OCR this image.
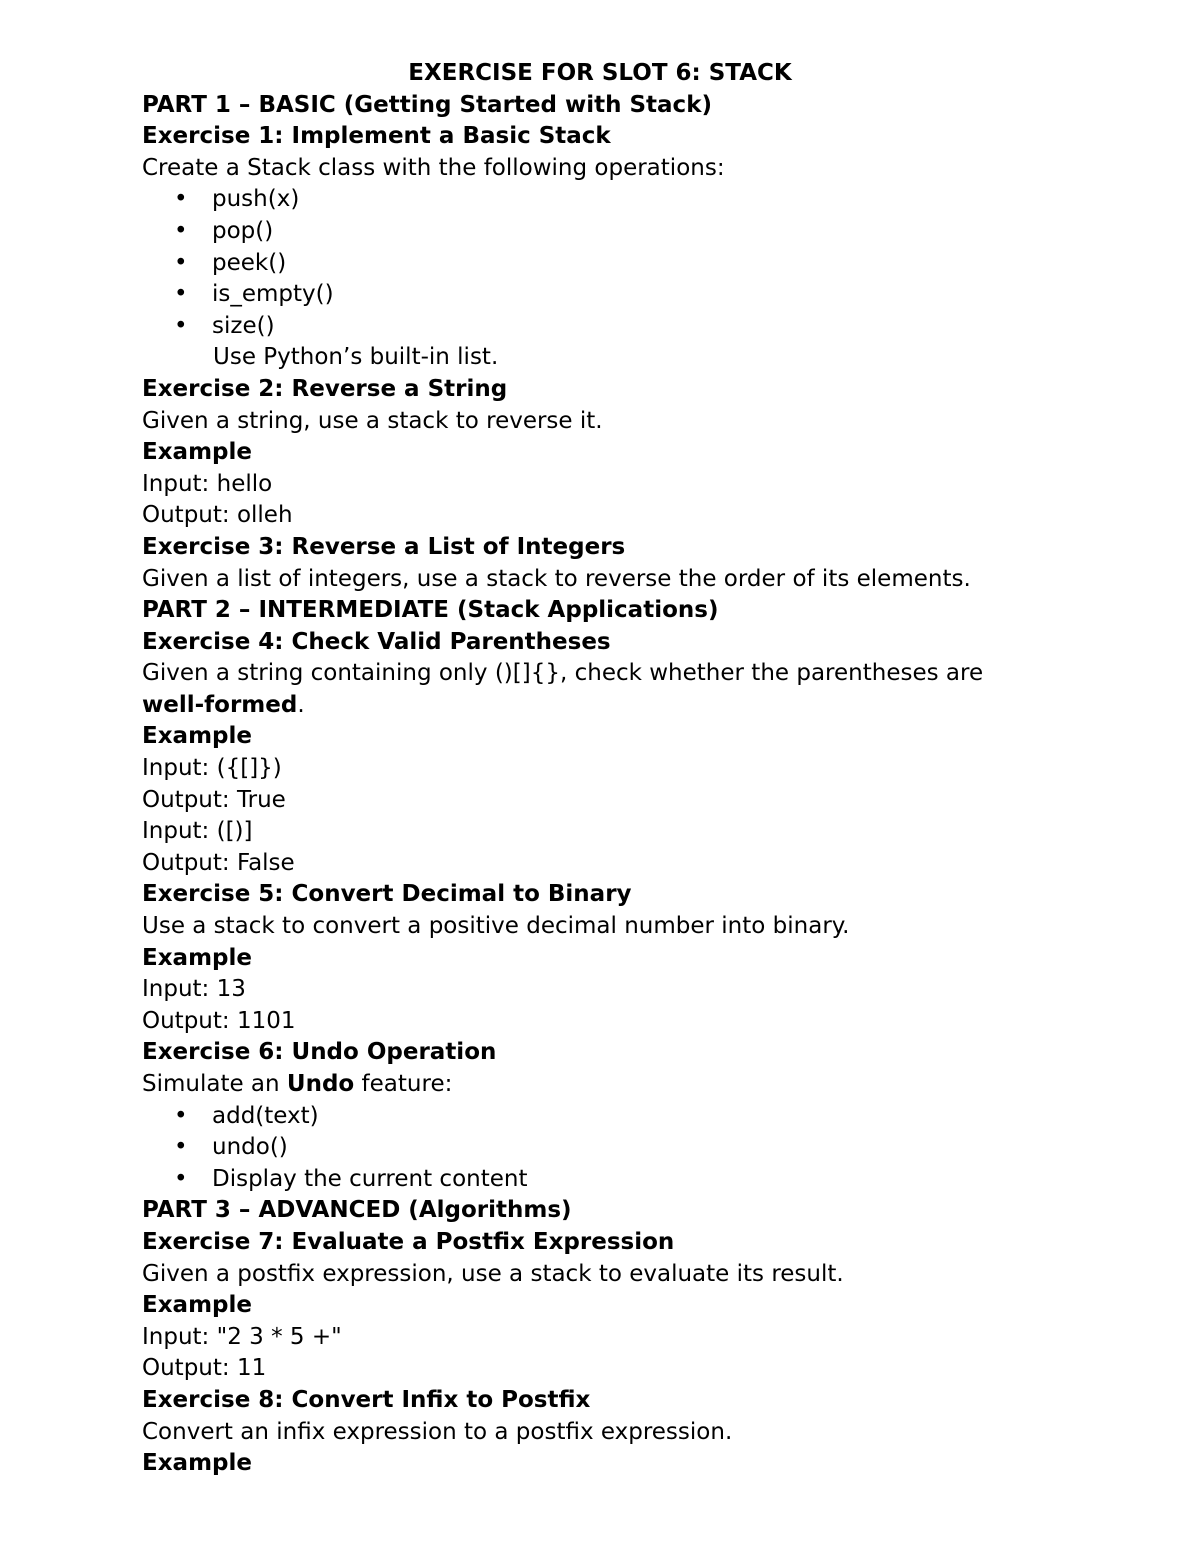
EXERCISE FOR SLOT 6: STACK
PART 1 – BASIC (Getting Started with Stack)
Exercise 1: Implement a Basic Stack
Create a Stack class with the following operations:
• push(x)
• pop()
• peek()
• is_empty()
• size()
Use Python’s built-in list.
Exercise 2: Reverse a String
Given a string, use a stack to reverse it.
Example
Input: hello
Output: olleh
Exercise 3: Reverse a List of Integers
Given a list of integers, use a stack to reverse the order of its elements.
PART 2 – INTERMEDIATE (Stack Applications)
Exercise 4: Check Valid Parentheses
Given a string containing only ()[]{}, check whether the parentheses are
well-formed.
Example
Input: ({[]})
Output: True
Input: ([)]
Output: False
Exercise 5: Convert Decimal to Binary
Use a stack to convert a positive decimal number into binary.
Example
Input: 13
Output: 1101
Exercise 6: Undo Operation
Simulate an Undo feature:
• add(text)
• undo()
• Display the current content
PART 3 – ADVANCED (Algorithms)
Exercise 7: Evaluate a Postfix Expression
Given a postfix expression, use a stack to evaluate its result.
Example
Input: "2 3 * 5 +"
Output: 11
Exercise 8: Convert Infix to Postfix
Convert an infix expression to a postfix expression.
Example
